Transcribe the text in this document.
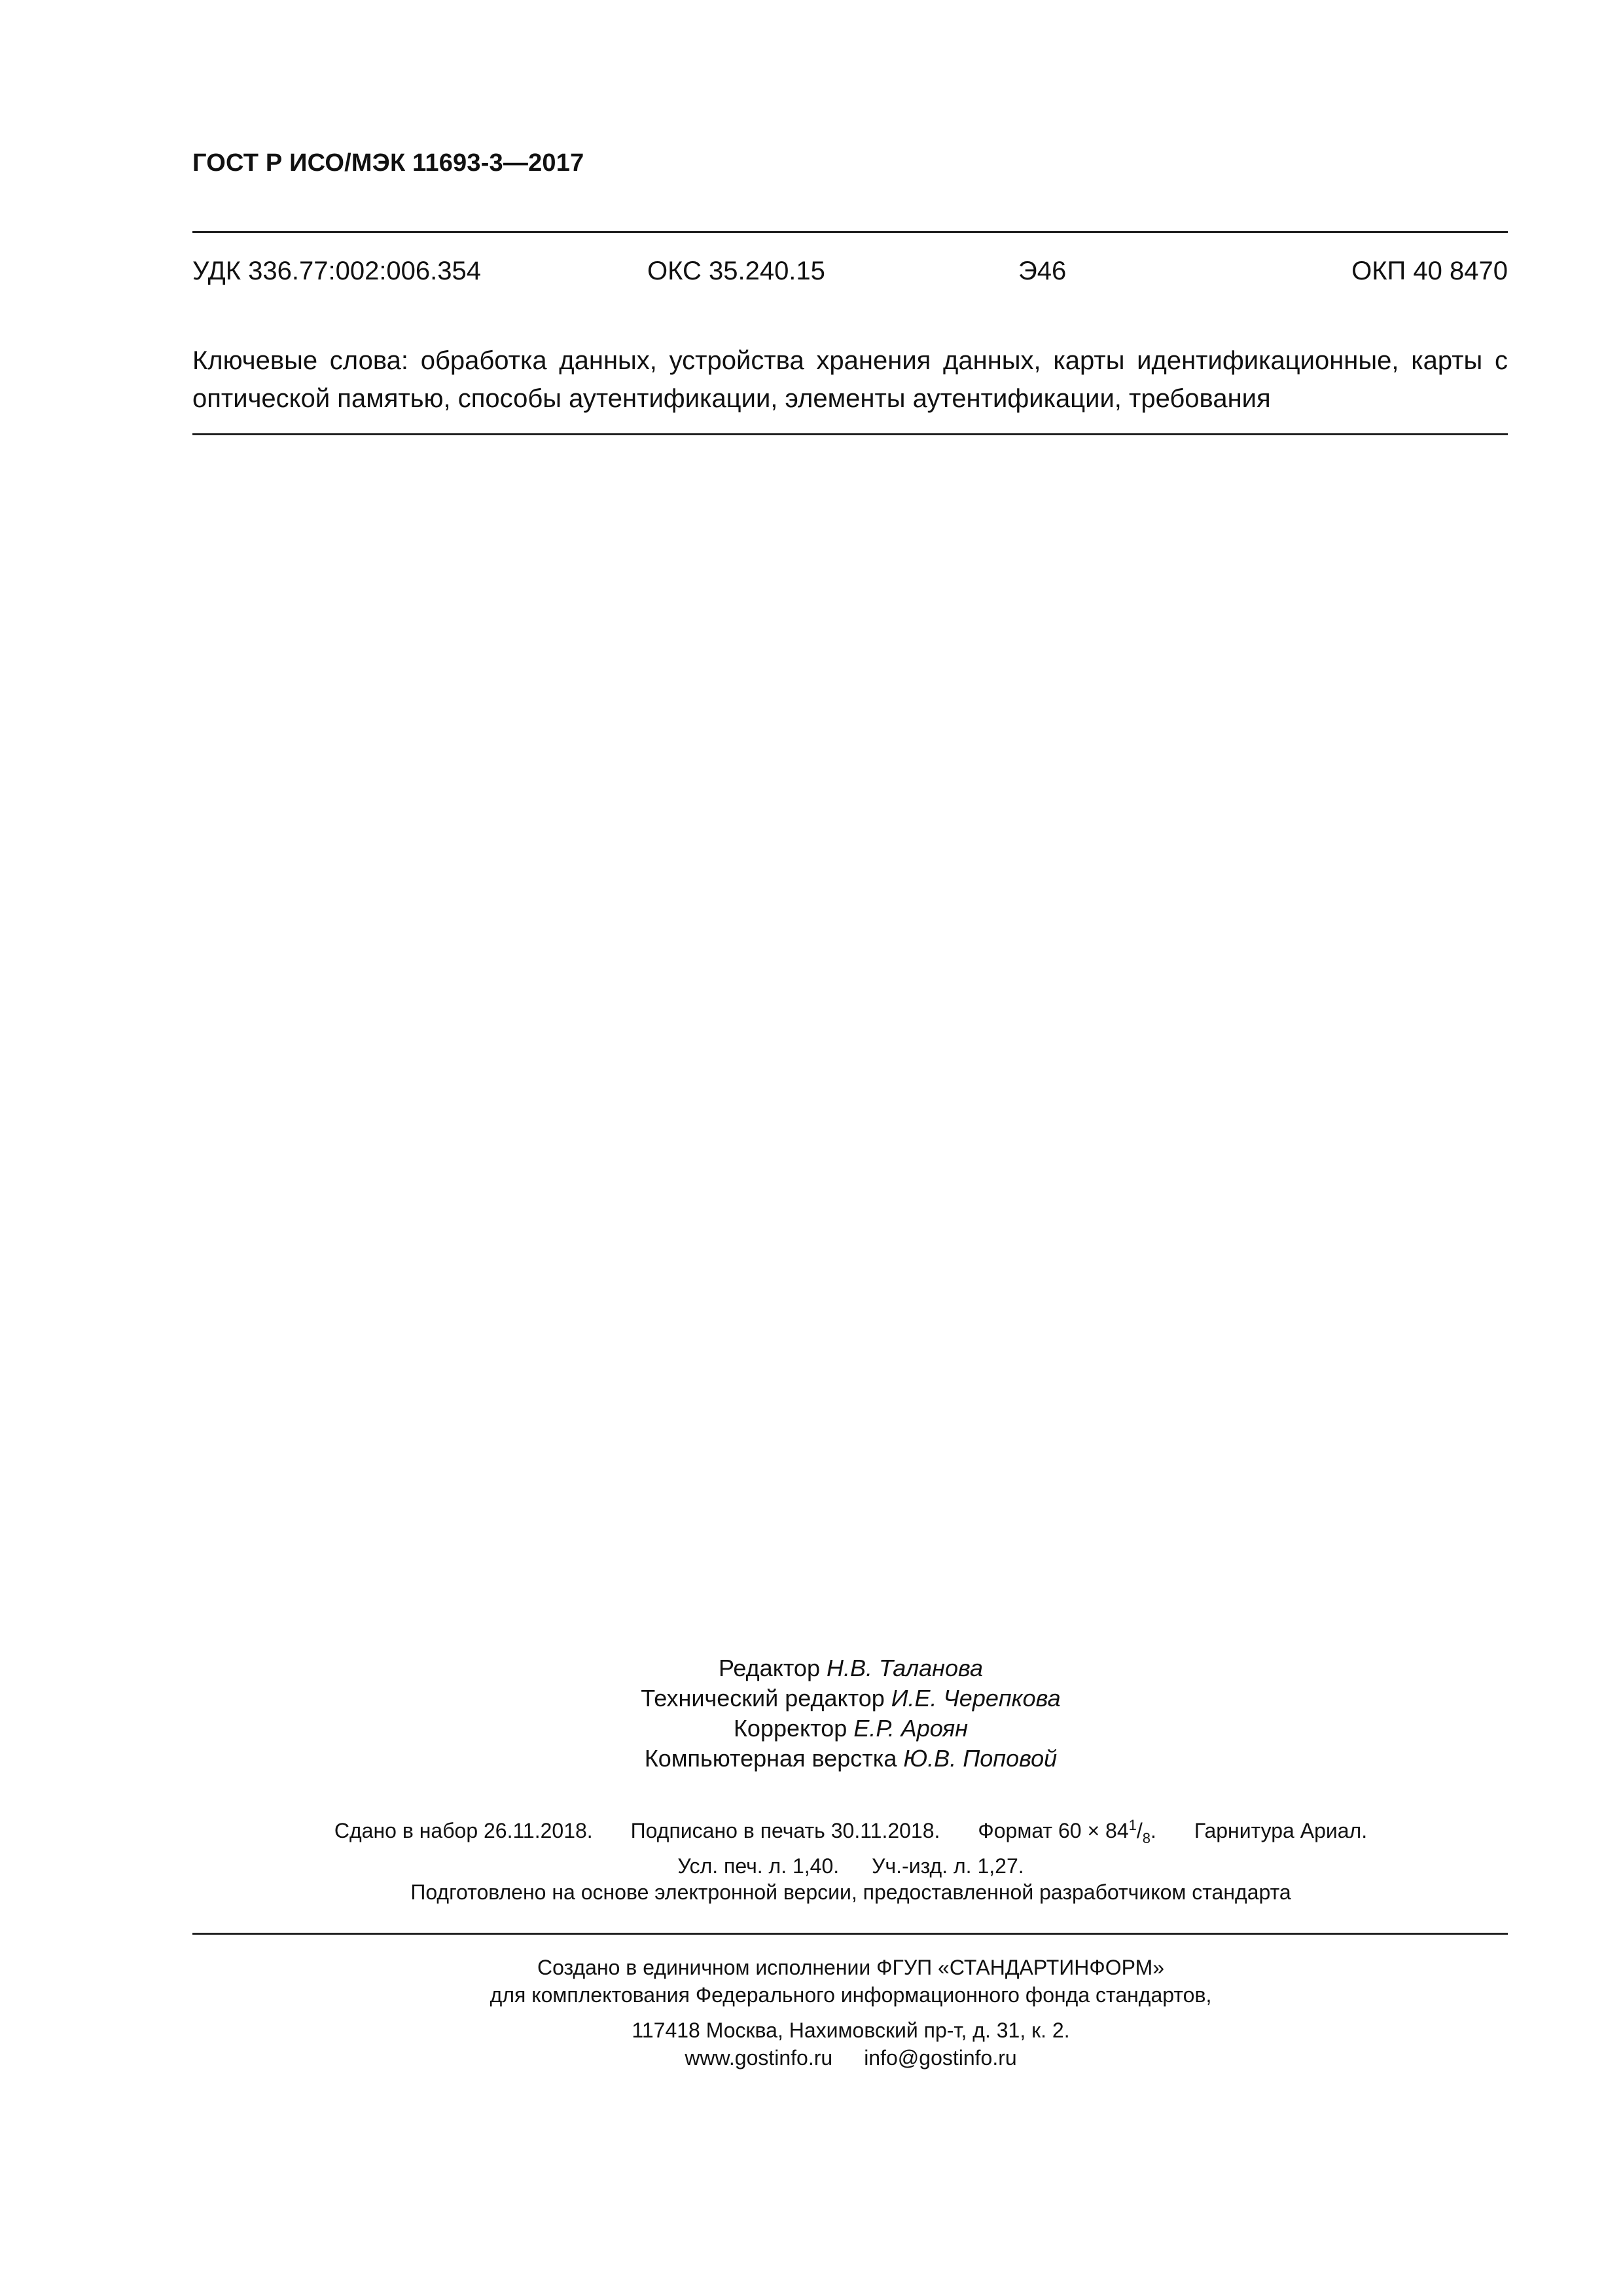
ГОСТ Р ИСО/МЭК 11693-3—2017
УДК 336.77:002:006.354	ОКС 35.240.15	Э46	ОКП 40 8470
Ключевые слова: обработка данных, устройства хранения данных, карты идентификационные, карты с оптической памятью, способы аутентификации, элементы аутентификации, требования
Редактор Н.В. Таланова
Технический редактор И.Е. Черепкова
Корректор Е.Р. Ароян
Компьютерная верстка Ю.В. Поповой
Сдано в набор 26.11.2018. Подписано в печать 30.11.2018. Формат $60 \times 84^1/_8$. Гарнитура Ариал.
Усл. печ. л. 1,40. Уч.-изд. л. 1,27.
Подготовлено на основе электронной версии, предоставленной разработчиком стандарта
Создано в единичном исполнении ФГУП «СТАНДАРТИНФОРМ»
для комплектования Федерального информационного фонда стандартов,
117418 Москва, Нахимовский пр-т, д. 31, к. 2.
www.gostinfo.ru info@gostinfo.ru
